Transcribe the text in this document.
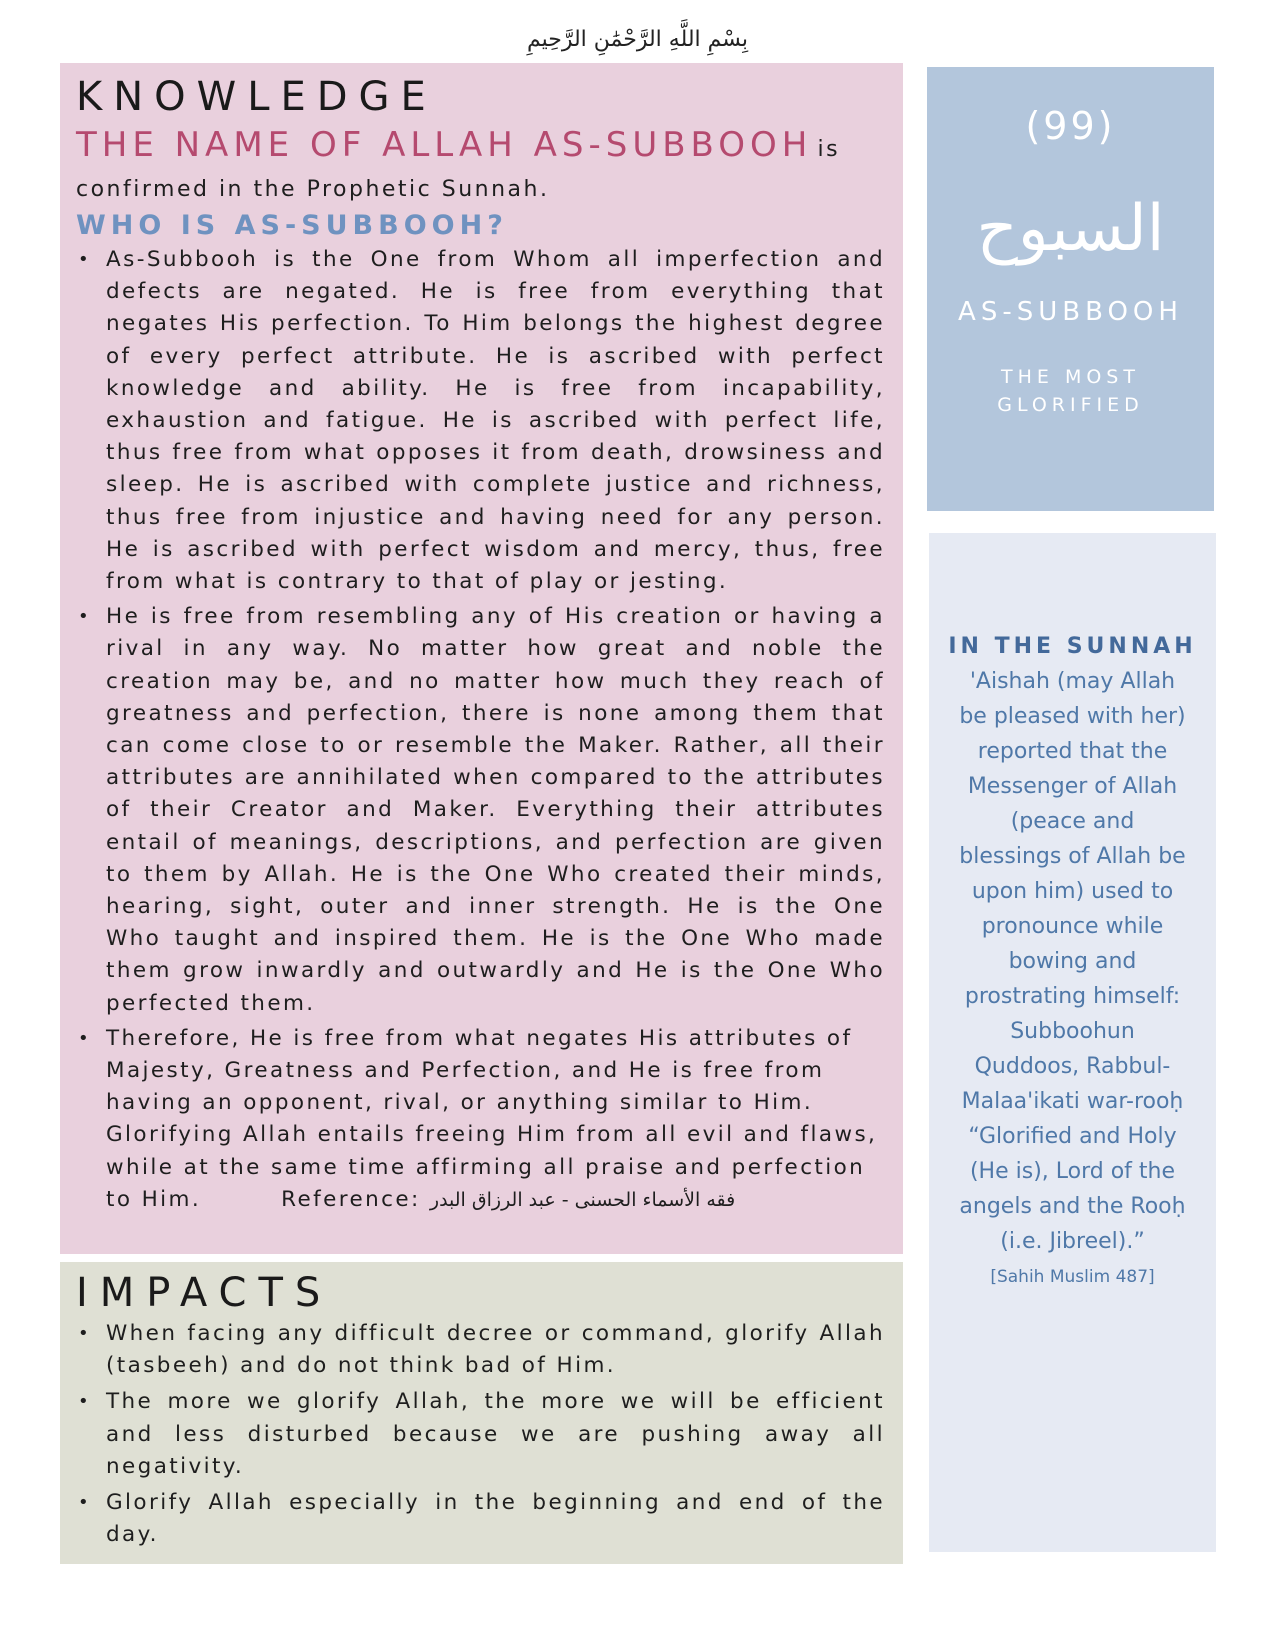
بِسْمِ اللَّهِ الرَّحْمَٰنِ الرَّحِيمِ
KNOWLEDGE
THE NAME OF ALLAH AS-SUBBOOH is
confirmed in the Prophetic Sunnah.
WHO IS AS-SUBBOOH?
• As-Subbooh is the One from Whom all imperfection and defects are negated. He is free from everything that negates His perfection. To Him belongs the highest degree of every perfect attribute. He is ascribed with perfect knowledge and ability. He is free from incapability, exhaustion and fatigue. He is ascribed with perfect life, thus free from what opposes it from death, drowsiness and sleep. He is ascribed with complete justice and richness, thus free from injustice and having need for any person. He is ascribed with perfect wisdom and mercy, thus, free from what is contrary to that of play or jesting.
• He is free from resembling any of His creation or having a rival in any way. No matter how great and noble the creation may be, and no matter how much they reach of greatness and perfection, there is none among them that can come close to or resemble the Maker. Rather, all their attributes are annihilated when compared to the attributes of their Creator and Maker. Everything their attributes entail of meanings, descriptions, and perfection are given to them by Allah. He is the One Who created their minds, hearing, sight, outer and inner strength. He is the One Who taught and inspired them. He is the One Who made them grow inwardly and outwardly and He is the One Who perfected them.
• Therefore, He is free from what negates His attributes of Majesty, Greatness and Perfection, and He is free from having an opponent, rival, or anything similar to Him. Glorifying Allah entails freeing Him from all evil and flaws, while at the same time affirming all praise and perfection to Him.	Reference: فقه الأسماء الحسنى - عبد الرزاق البدر
IMPACTS
• When facing any difficult decree or command, glorify Allah (tasbeeh) and do not think bad of Him.
• The more we glorify Allah, the more we will be efficient and less disturbed because we are pushing away all negativity.
• Glorify Allah especially in the beginning and end of the day.
(99)
السبوح
AS-SUBBOOH
THE MOST
GLORIFIED
IN THE SUNNAH
'Aishah (may Allah
be pleased with her)
reported that the
Messenger of Allah
(peace and
blessings of Allah be
upon him) used to
pronounce while
bowing and
prostrating himself:
Subboohun
Quddoos, Rabbul-
Malaa'ikati war-rooḥ
“Glorified and Holy
(He is), Lord of the
angels and the Rooḥ
(i.e. Jibreel).”
[Sahih Muslim 487]
